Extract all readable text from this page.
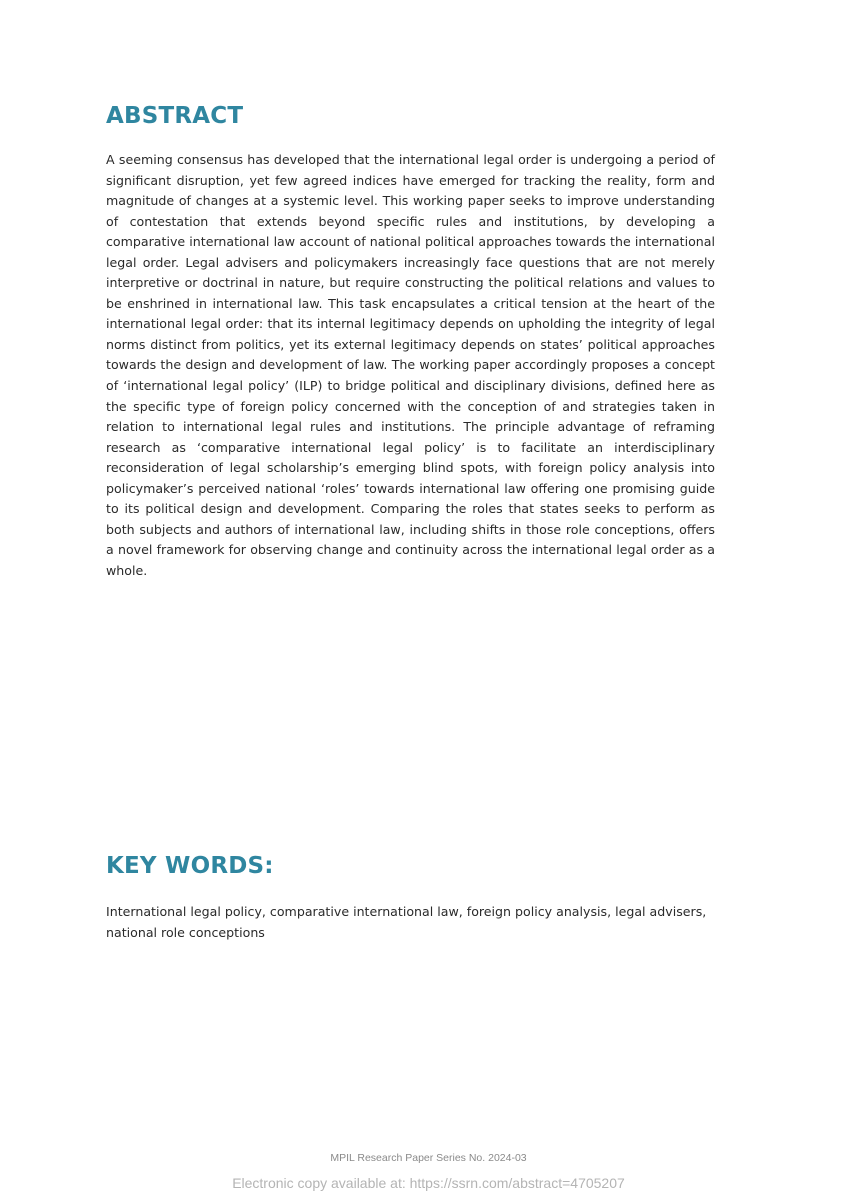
ABSTRACT

A seeming consensus has developed that the international legal order is undergoing a period of significant disruption, yet few agreed indices have emerged for tracking the reality, form and magnitude of changes at a systemic level. This working paper seeks to improve understanding of contestation that extends beyond specific rules and institutions, by developing a comparative international law account of national political approaches towards the international legal order. Legal advisers and policymakers increasingly face questions that are not merely interpretive or doctrinal in nature, but require constructing the political relations and values to be enshrined in international law. This task encapsulates a critical tension at the heart of the international legal order: that its internal legitimacy depends on upholding the integrity of legal norms distinct from politics, yet its external legitimacy depends on states’ political approaches towards the design and development of law. The working paper accordingly proposes a concept of ‘international legal policy’ (ILP) to bridge political and disciplinary divisions, defined here as the specific type of foreign policy concerned with the conception of and strategies taken in relation to international legal rules and institutions. The principle advantage of reframing research as ‘comparative international legal policy’ is to facilitate an interdisciplinary reconsideration of legal scholarship’s emerging blind spots, with foreign policy analysis into policymaker’s perceived national ‘roles’ towards international law offering one promising guide to its political design and development. Comparing the roles that states seeks to perform as both subjects and authors of international law, including shifts in those role conceptions, offers a novel framework for observing change and continuity across the international legal order as a whole.

KEY WORDS:

International legal policy, comparative international law, foreign policy analysis, legal advisers, national role conceptions

MPIL Research Paper Series No. 2024-03
Electronic copy available at: https://ssrn.com/abstract=4705207
